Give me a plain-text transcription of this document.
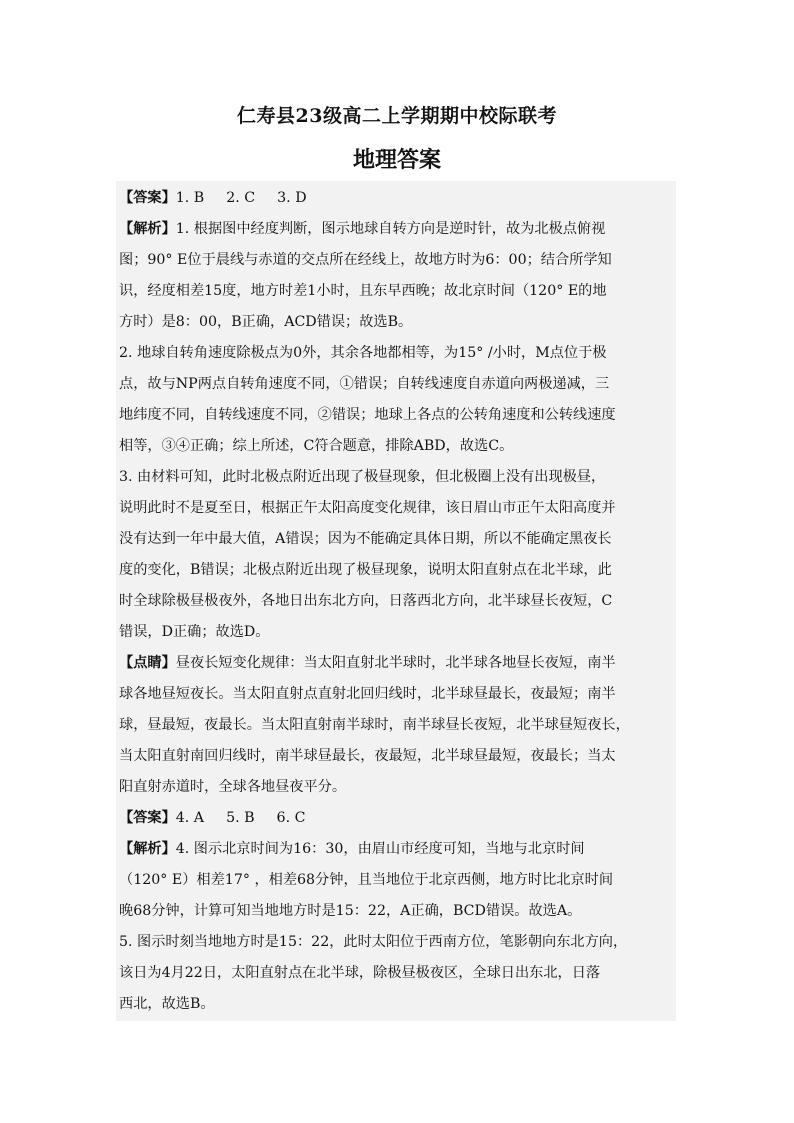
仁寿县23级高二上学期期中校际联考
地理答案
【答案】1. B 2. C 3. D
【解析】1. 根据图中经度判断，图示地球自转方向是逆时针，故为北极点俯视
图；90° E位于晨线与赤道的交点所在经线上，故地方时为6：00；结合所学知
识，经度相差15度，地方时差1小时，且东早西晚；故北京时间（120° E的地
方时）是8：00，B正确，ACD错误；故选B。
2. 地球自转角速度除极点为0外，其余各地都相等，为15° /小时，M点位于极
点，故与NP两点自转角速度不同，①错误；自转线速度自赤道向两极递减，三
地纬度不同，自转线速度不同，②错误；地球上各点的公转角速度和公转线速度
相等，③④正确；综上所述，C符合题意，排除ABD，故选C。
3. 由材料可知，此时北极点附近出现了极昼现象，但北极圈上没有出现极昼，
说明此时不是夏至日，根据正午太阳高度变化规律，该日眉山市正午太阳高度并
没有达到一年中最大值，A错误；因为不能确定具体日期，所以不能确定黑夜长
度的变化，B错误；北极点附近出现了极昼现象，说明太阳直射点在北半球，此
时全球除极昼极夜外，各地日出东北方向，日落西北方向，北半球昼长夜短，C
错误，D正确；故选D。
【点睛】昼夜长短变化规律：当太阳直射北半球时，北半球各地昼长夜短，南半
球各地昼短夜长。当太阳直射点直射北回归线时，北半球昼最长，夜最短；南半
球，昼最短，夜最长。当太阳直射南半球时，南半球昼长夜短，北半球昼短夜长，
当太阳直射南回归线时，南半球昼最长，夜最短，北半球昼最短，夜最长；当太
阳直射赤道时，全球各地昼夜平分。
【答案】4. A 5. B 6. C
【解析】4. 图示北京时间为16：30，由眉山市经度可知，当地与北京时间
（120° E）相差17° ，相差68分钟，且当地位于北京西侧，地方时比北京时间
晚68分钟，计算可知当地地方时是15：22，A正确，BCD错误。故选A。
5. 图示时刻当地地方时是15：22，此时太阳位于西南方位，笔影朝向东北方向，
该日为4月22日，太阳直射点在北半球，除极昼极夜区，全球日出东北，日落
西北，故选B。
